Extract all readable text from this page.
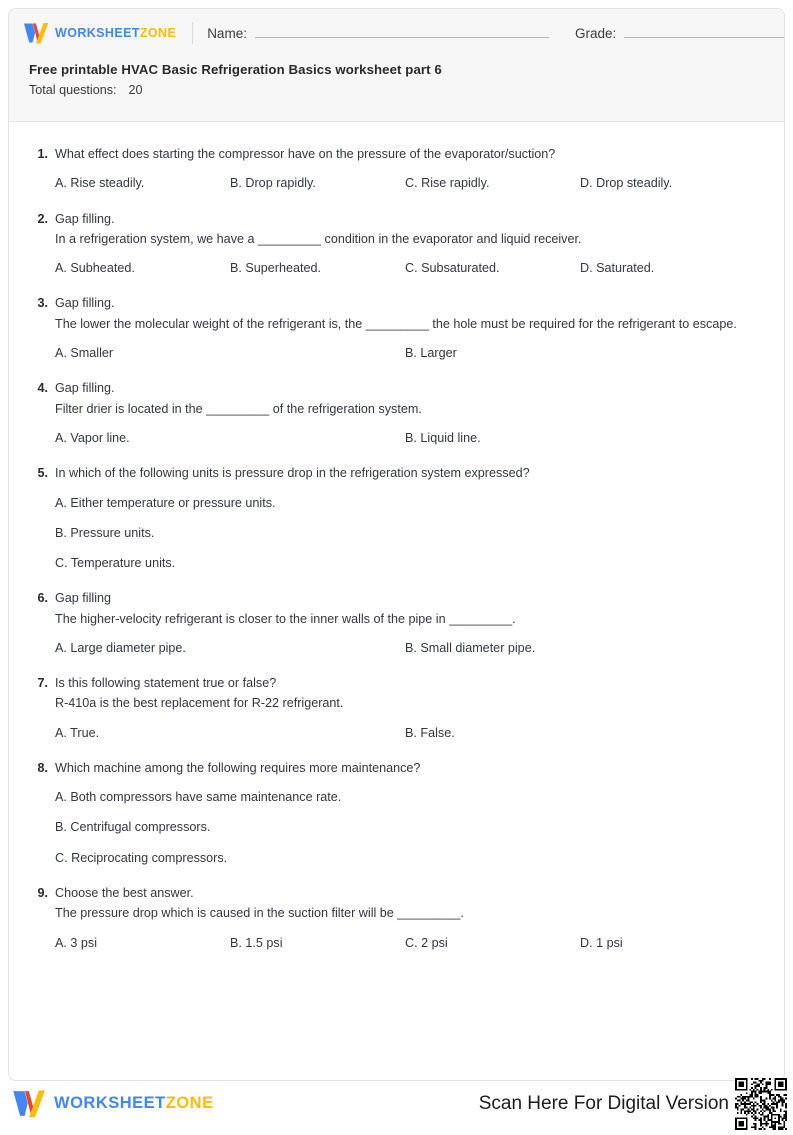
WORKSHEETZONE Name:	Grade:
Free printable HVAC Basic Refrigeration Basics worksheet part 6
Total questions: 20
1. What effect does starting the compressor have on the pressure of the evaporator/suction?
A. Rise steadily.	B. Drop rapidly.	C. Rise rapidly.	D. Drop steadily.
2. Gap filling.
In a refrigeration system, we have a _________ condition in the evaporator and liquid receiver.
A. Subheated.	B. Superheated.	C. Subsaturated.	D. Saturated.
3. Gap filling.
The lower the molecular weight of the refrigerant is, the _________ the hole must be required for the refrigerant to escape.
A. Smaller	B. Larger
4. Gap filling.
Filter drier is located in the _________ of the refrigeration system.
A. Vapor line.	B. Liquid line.
5. In which of the following units is pressure drop in the refrigeration system expressed?
A. Either temperature or pressure units.
B. Pressure units.
C. Temperature units.
6. Gap filling
The higher-velocity refrigerant is closer to the inner walls of the pipe in _________.
A. Large diameter pipe.	B. Small diameter pipe.
7. Is this following statement true or false?
R-410a is the best replacement for R-22 refrigerant.
A. True.	B. False.
8. Which machine among the following requires more maintenance?
A. Both compressors have same maintenance rate.
B. Centrifugal compressors.
C. Reciprocating compressors.
9. Choose the best answer.
The pressure drop which is caused in the suction filter will be _________.
A. 3 psi	B. 1.5 psi	C. 2 psi	D. 1 psi
WORKSHEETZONE	Scan Here For Digital Version
